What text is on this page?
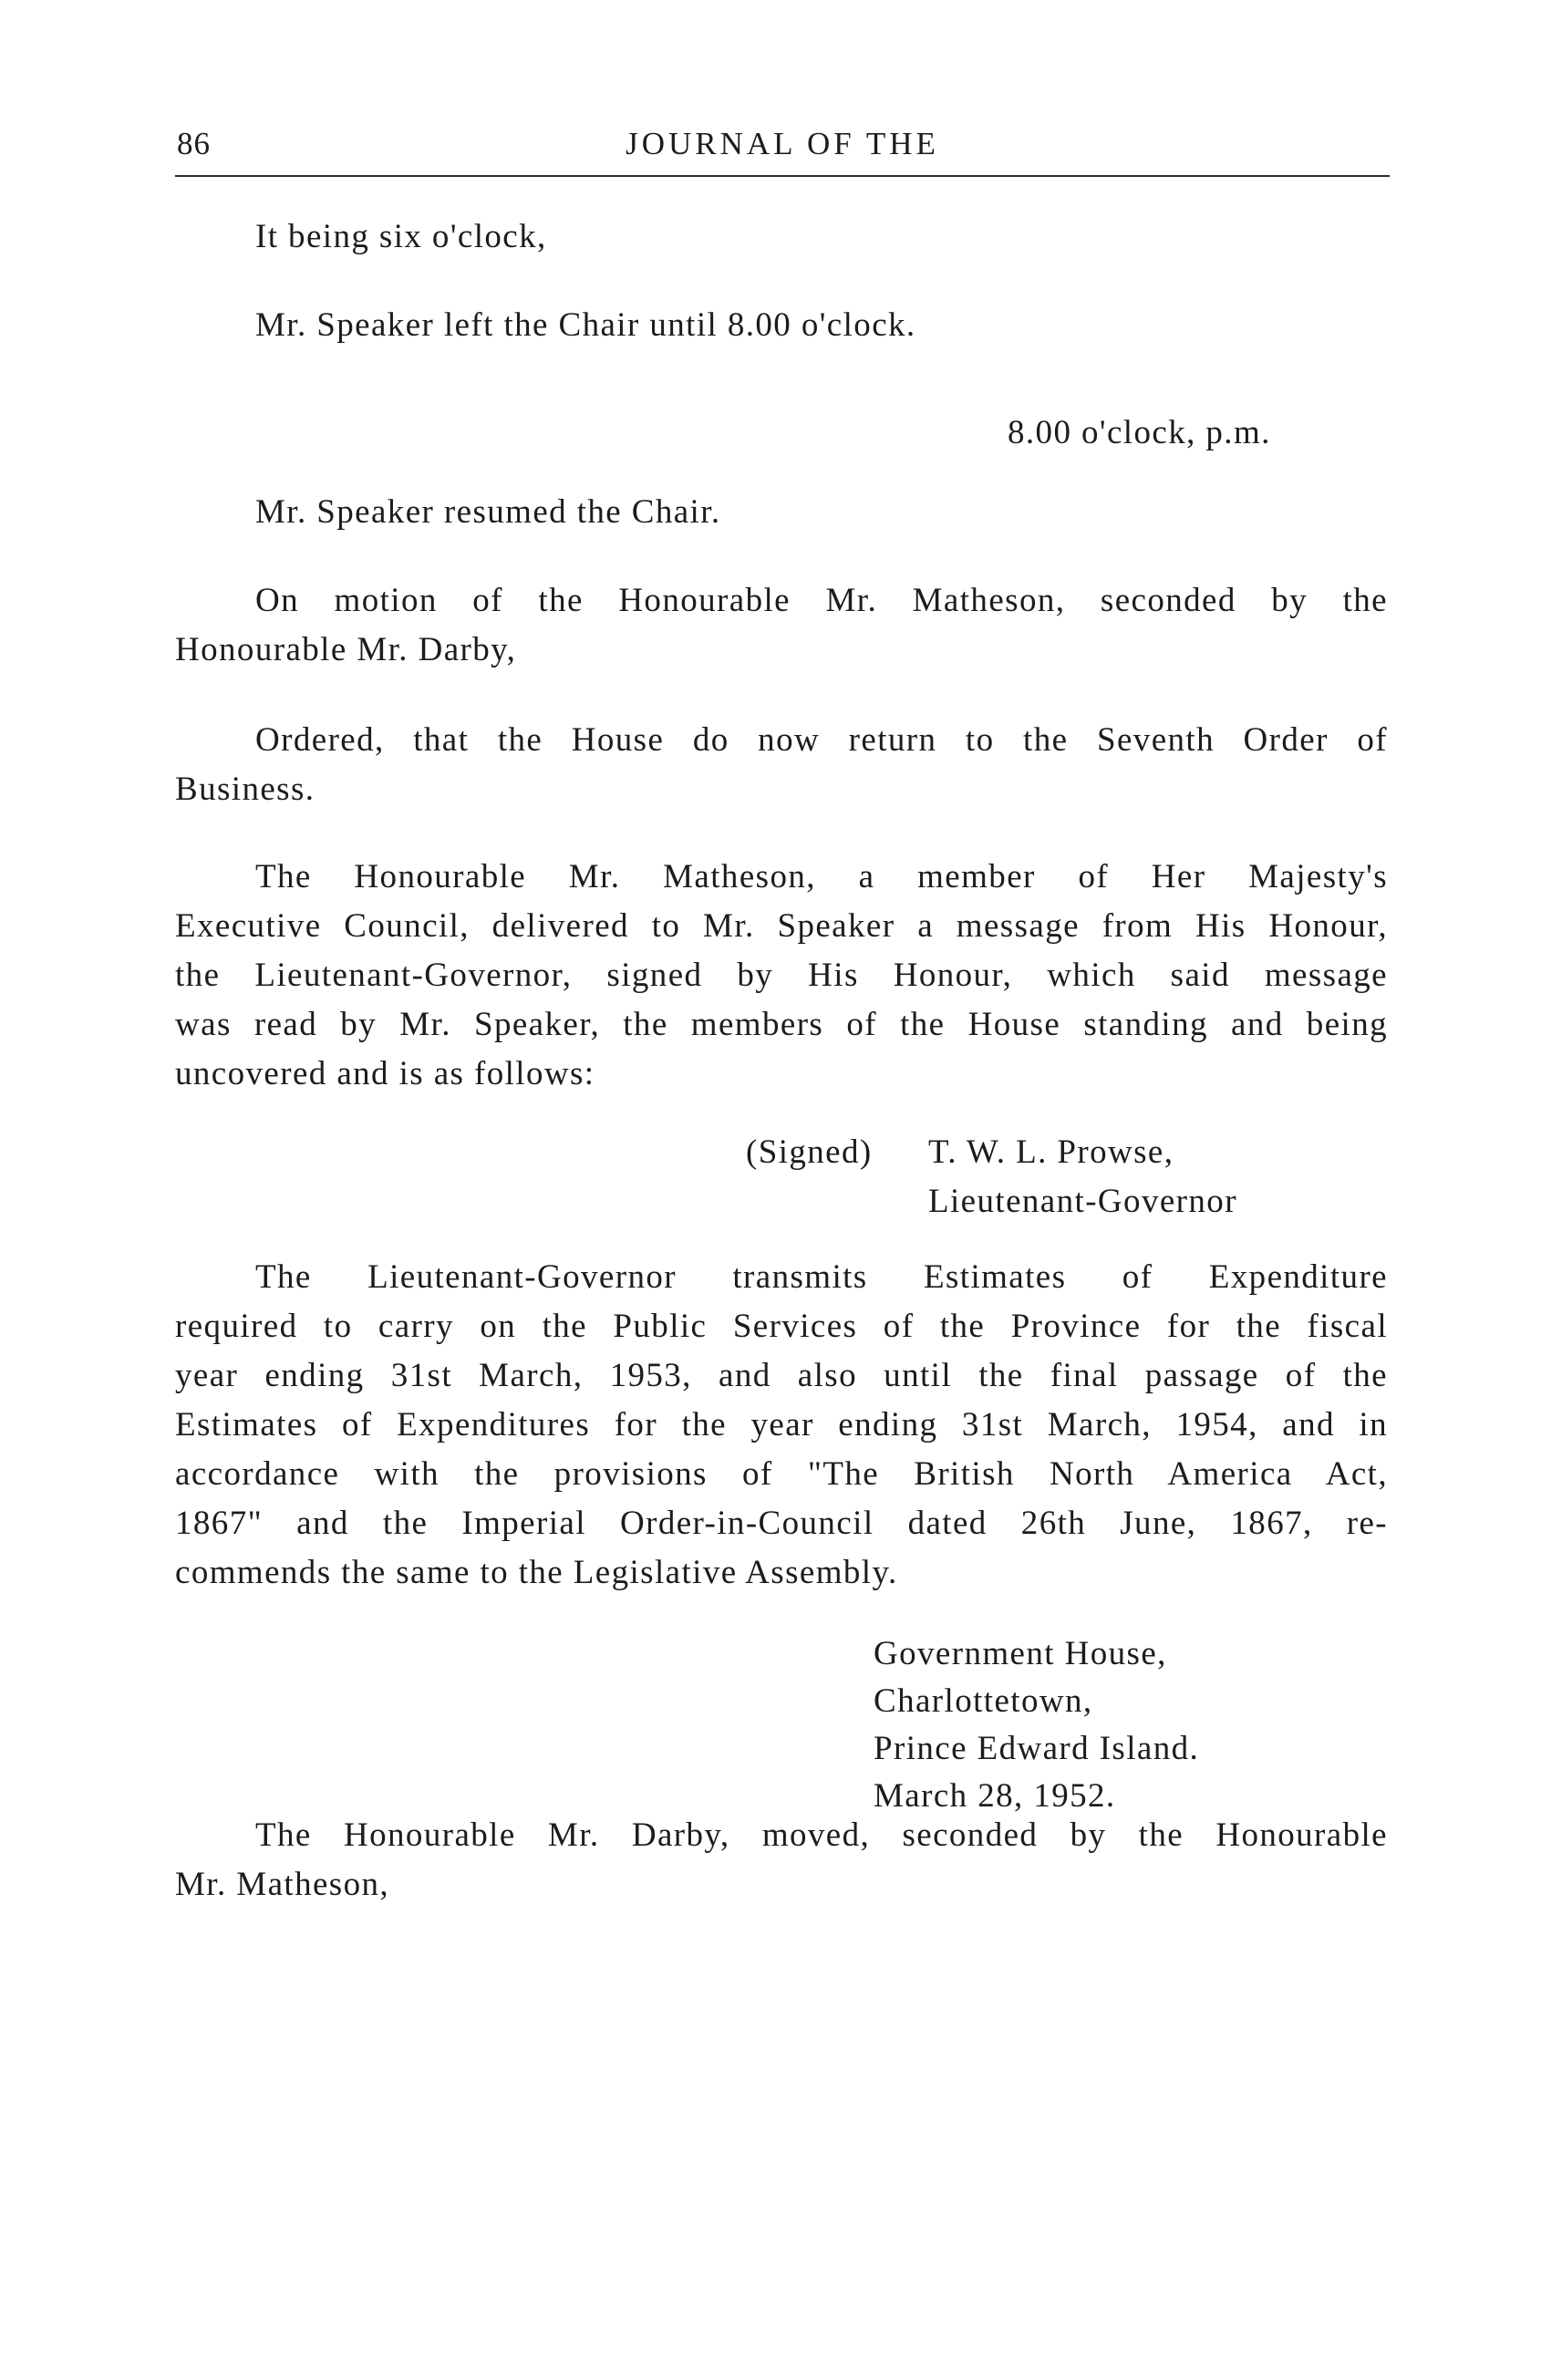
86	JOURNAL OF THE
It being six o'clock,
Mr. Speaker left the Chair until 8.00 o'clock.
8.00 o'clock, p.m.
Mr. Speaker resumed the Chair.
On motion of the Honourable Mr. Matheson, seconded by the
Honourable Mr. Darby,
Ordered, that the House do now return to the Seventh Order of
Business.
The Honourable Mr. Matheson, a member of Her Majesty's
Executive Council, delivered to Mr. Speaker a message from His Honour,
the Lieutenant-Governor, signed by His Honour, which said message
was read by Mr. Speaker, the members of the House standing and being
uncovered and is as follows:
(Signed) T. W. L. Prowse,
Lieutenant-Governor
The Lieutenant-Governor transmits Estimates of Expenditure
required to carry on the Public Services of the Province for the fiscal
year ending 31st March, 1953, and also until the final passage of the
Estimates of Expenditures for the year ending 31st March, 1954, and in
accordance with the provisions of "The British North America Act,
1867" and the Imperial Order-in-Council dated 26th June, 1867, re-
commends the same to the Legislative Assembly.
Government House,
Charlottetown,
Prince Edward Island.
March 28, 1952.
The Honourable Mr. Darby, moved, seconded by the Honourable
Mr. Matheson,
